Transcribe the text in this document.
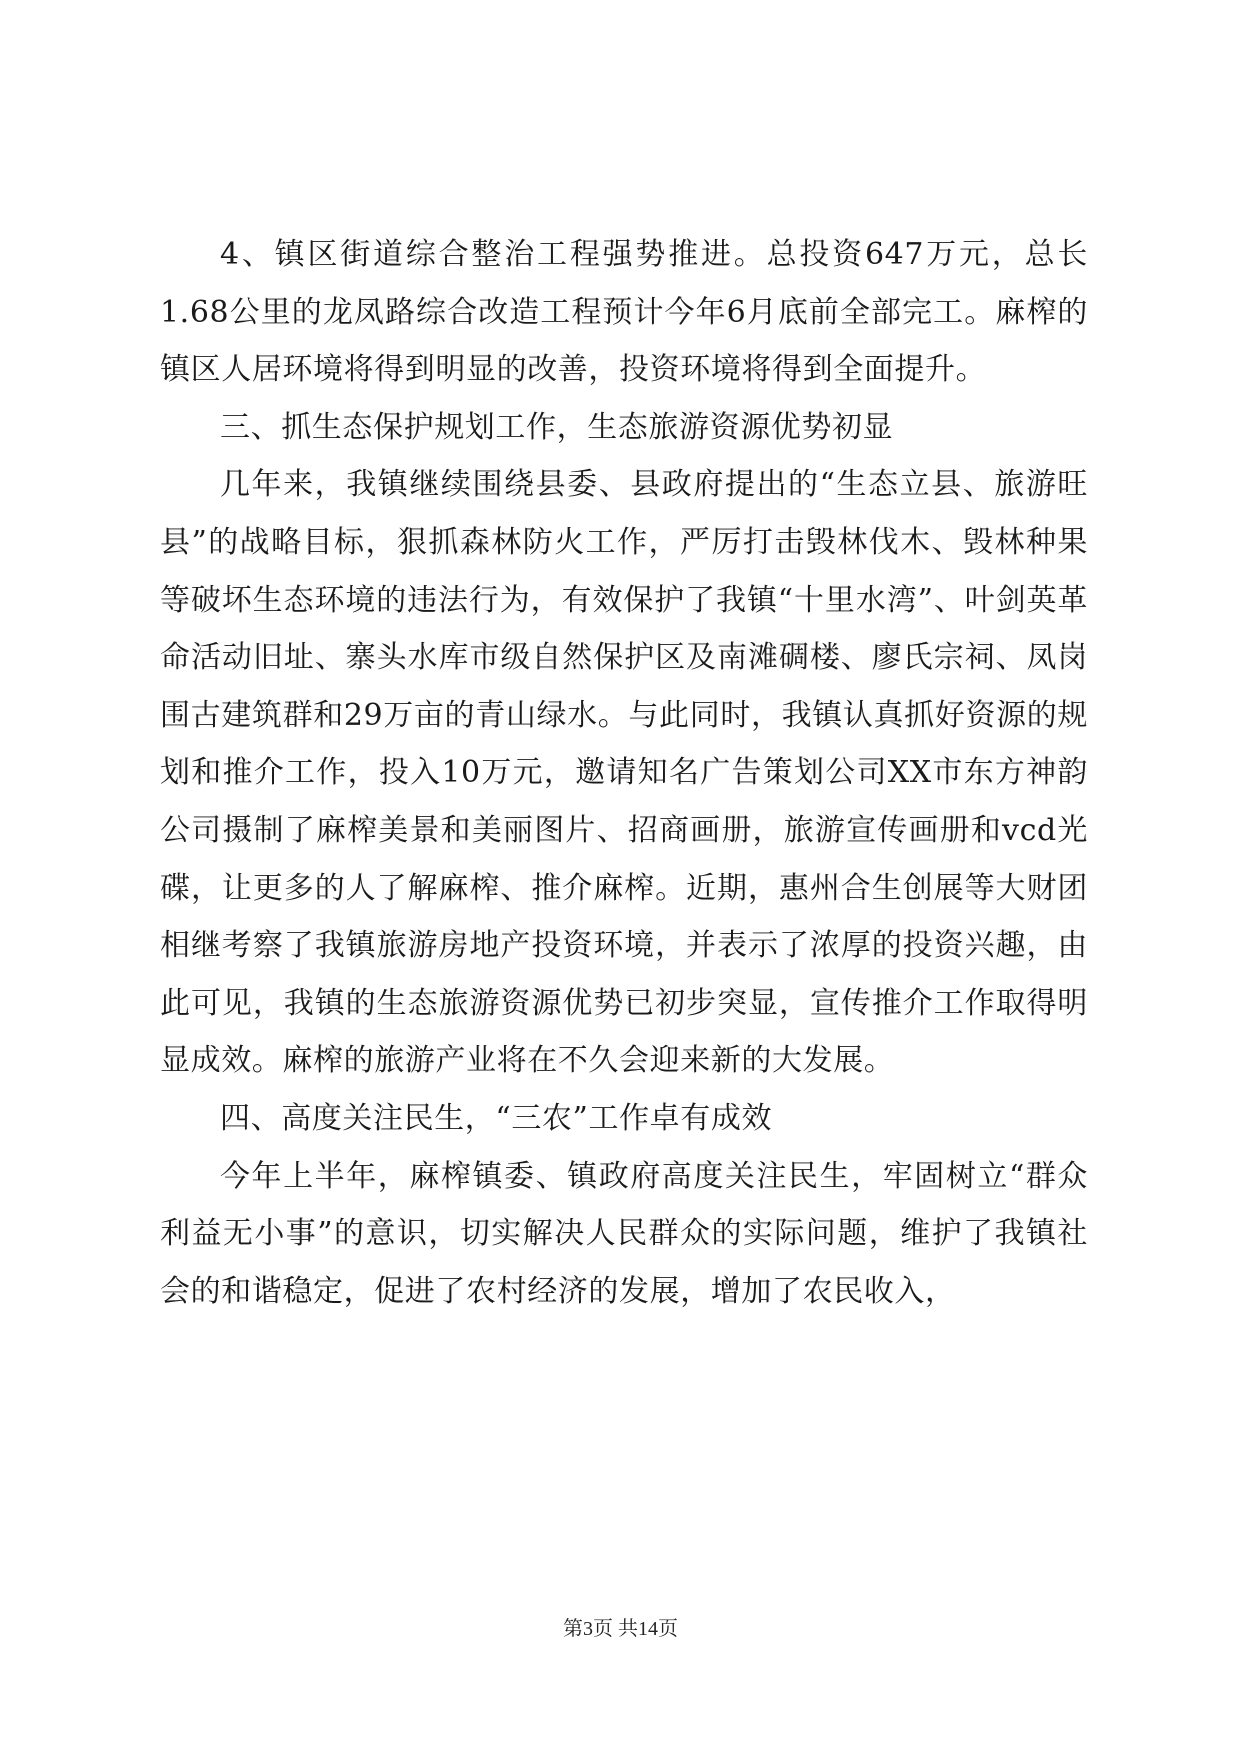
4、镇区街道综合整治工程强势推进。总投资647万元，总长1.68公里的龙凤路综合改造工程预计今年6月底前全部完工。麻榨的镇区人居环境将得到明显的改善，投资环境将得到全面提升。

三、抓生态保护规划工作，生态旅游资源优势初显

几年来，我镇继续围绕县委、县政府提出的“生态立县、旅游旺县”的战略目标，狠抓森林防火工作，严厉打击毁林伐木、毁林种果等破坏生态环境的违法行为，有效保护了我镇“十里水湾”、叶剑英革命活动旧址、寨头水库市级自然保护区及南滩碉楼、廖氏宗祠、凤岗围古建筑群和29万亩的青山绿水。与此同时，我镇认真抓好资源的规划和推介工作，投入10万元，邀请知名广告策划公司XX市东方神韵公司摄制了麻榨美景和美丽图片、招商画册，旅游宣传画册和vcd光碟，让更多的人了解麻榨、推介麻榨。近期，惠州合生创展等大财团相继考察了我镇旅游房地产投资环境，并表示了浓厚的投资兴趣，由此可见，我镇的生态旅游资源优势已初步突显，宣传推介工作取得明显成效。麻榨的旅游产业将在不久会迎来新的大发展。

四、高度关注民生，“三农”工作卓有成效

今年上半年，麻榨镇委、镇政府高度关注民生，牢固树立“群众利益无小事”的意识，切实解决人民群众的实际问题，维护了我镇社会的和谐稳定，促进了农村经济的发展，增加了农民收入，

第3页 共14页
